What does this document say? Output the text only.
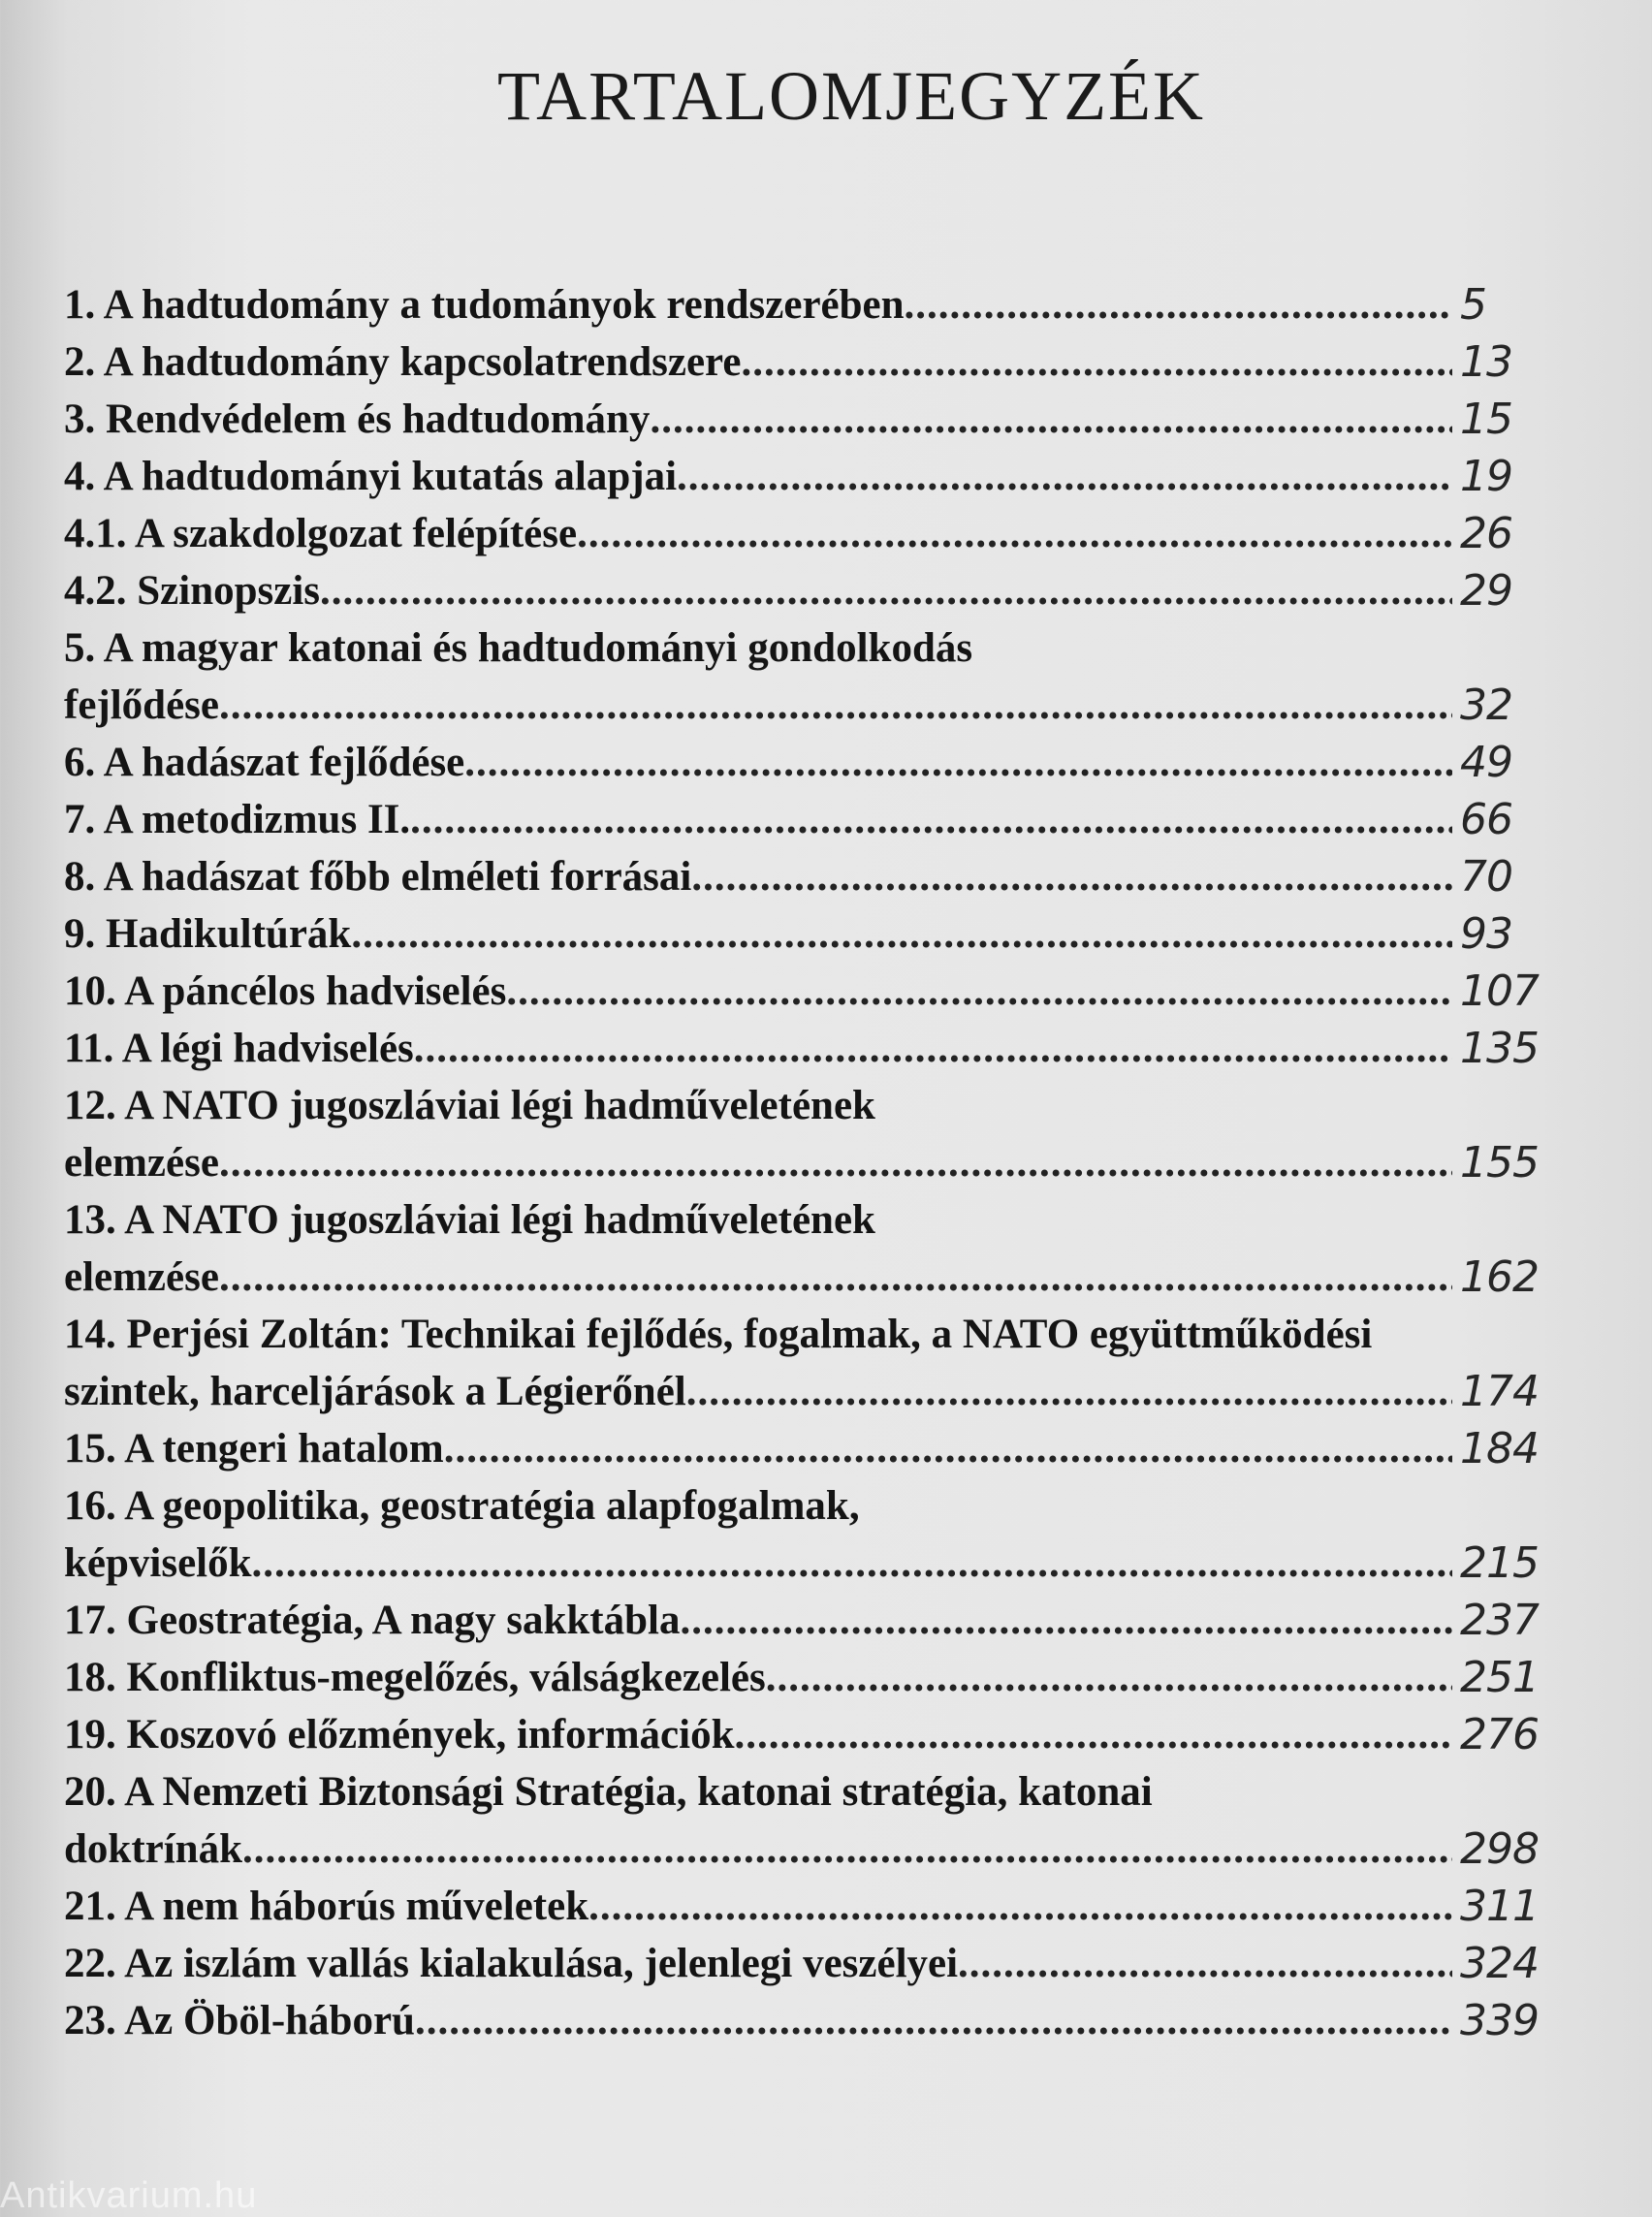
TARTALOMJEGYZÉK
1. A hadtudomány a tudományok rendszerében .....	5
2. A hadtudomány kapcsolatrendszere .....	13
3. Rendvédelem és hadtudomány .....	15
4. A hadtudományi kutatás alapjai .....	19
4.1. A szakdolgozat felépítése .....	26
4.2. Szinopszis .....	29
5. A magyar katonai és hadtudományi gondolkodás
fejlődése .....	32
6. A hadászat fejlődése .....	49
7. A metodizmus II. .....	66
8. A hadászat főbb elméleti forrásai .....	70
9. Hadikultúrák .....	93
10. A páncélos hadviselés .....	107
11. A légi hadviselés .....	135
12. A NATO jugoszláviai légi hadműveletének
elemzése .....	155
13. A NATO jugoszláviai légi hadműveletének
elemzése .....	162
14. Perjési Zoltán: Technikai fejlődés, fogalmak, a NATO együttműködési
szintek, harceljárások a Légierőnél .....	174
15. A tengeri hatalom .....	184
16. A geopolitika, geostratégia alapfogalmak,
képviselők .....	215
17. Geostratégia, A nagy sakktábla .....	237
18. Konfliktus-megelőzés, válságkezelés .....	251
19. Koszovó előzmények, információk .....	276
20. A Nemzeti Biztonsági Stratégia, katonai stratégia, katonai
doktrínák .....	298
21. A nem háborús műveletek .....	311
22. Az iszlám vallás kialakulása, jelenlegi veszélyei .....	324
23. Az Öböl-háború .....	339
Antikvarium.hu
